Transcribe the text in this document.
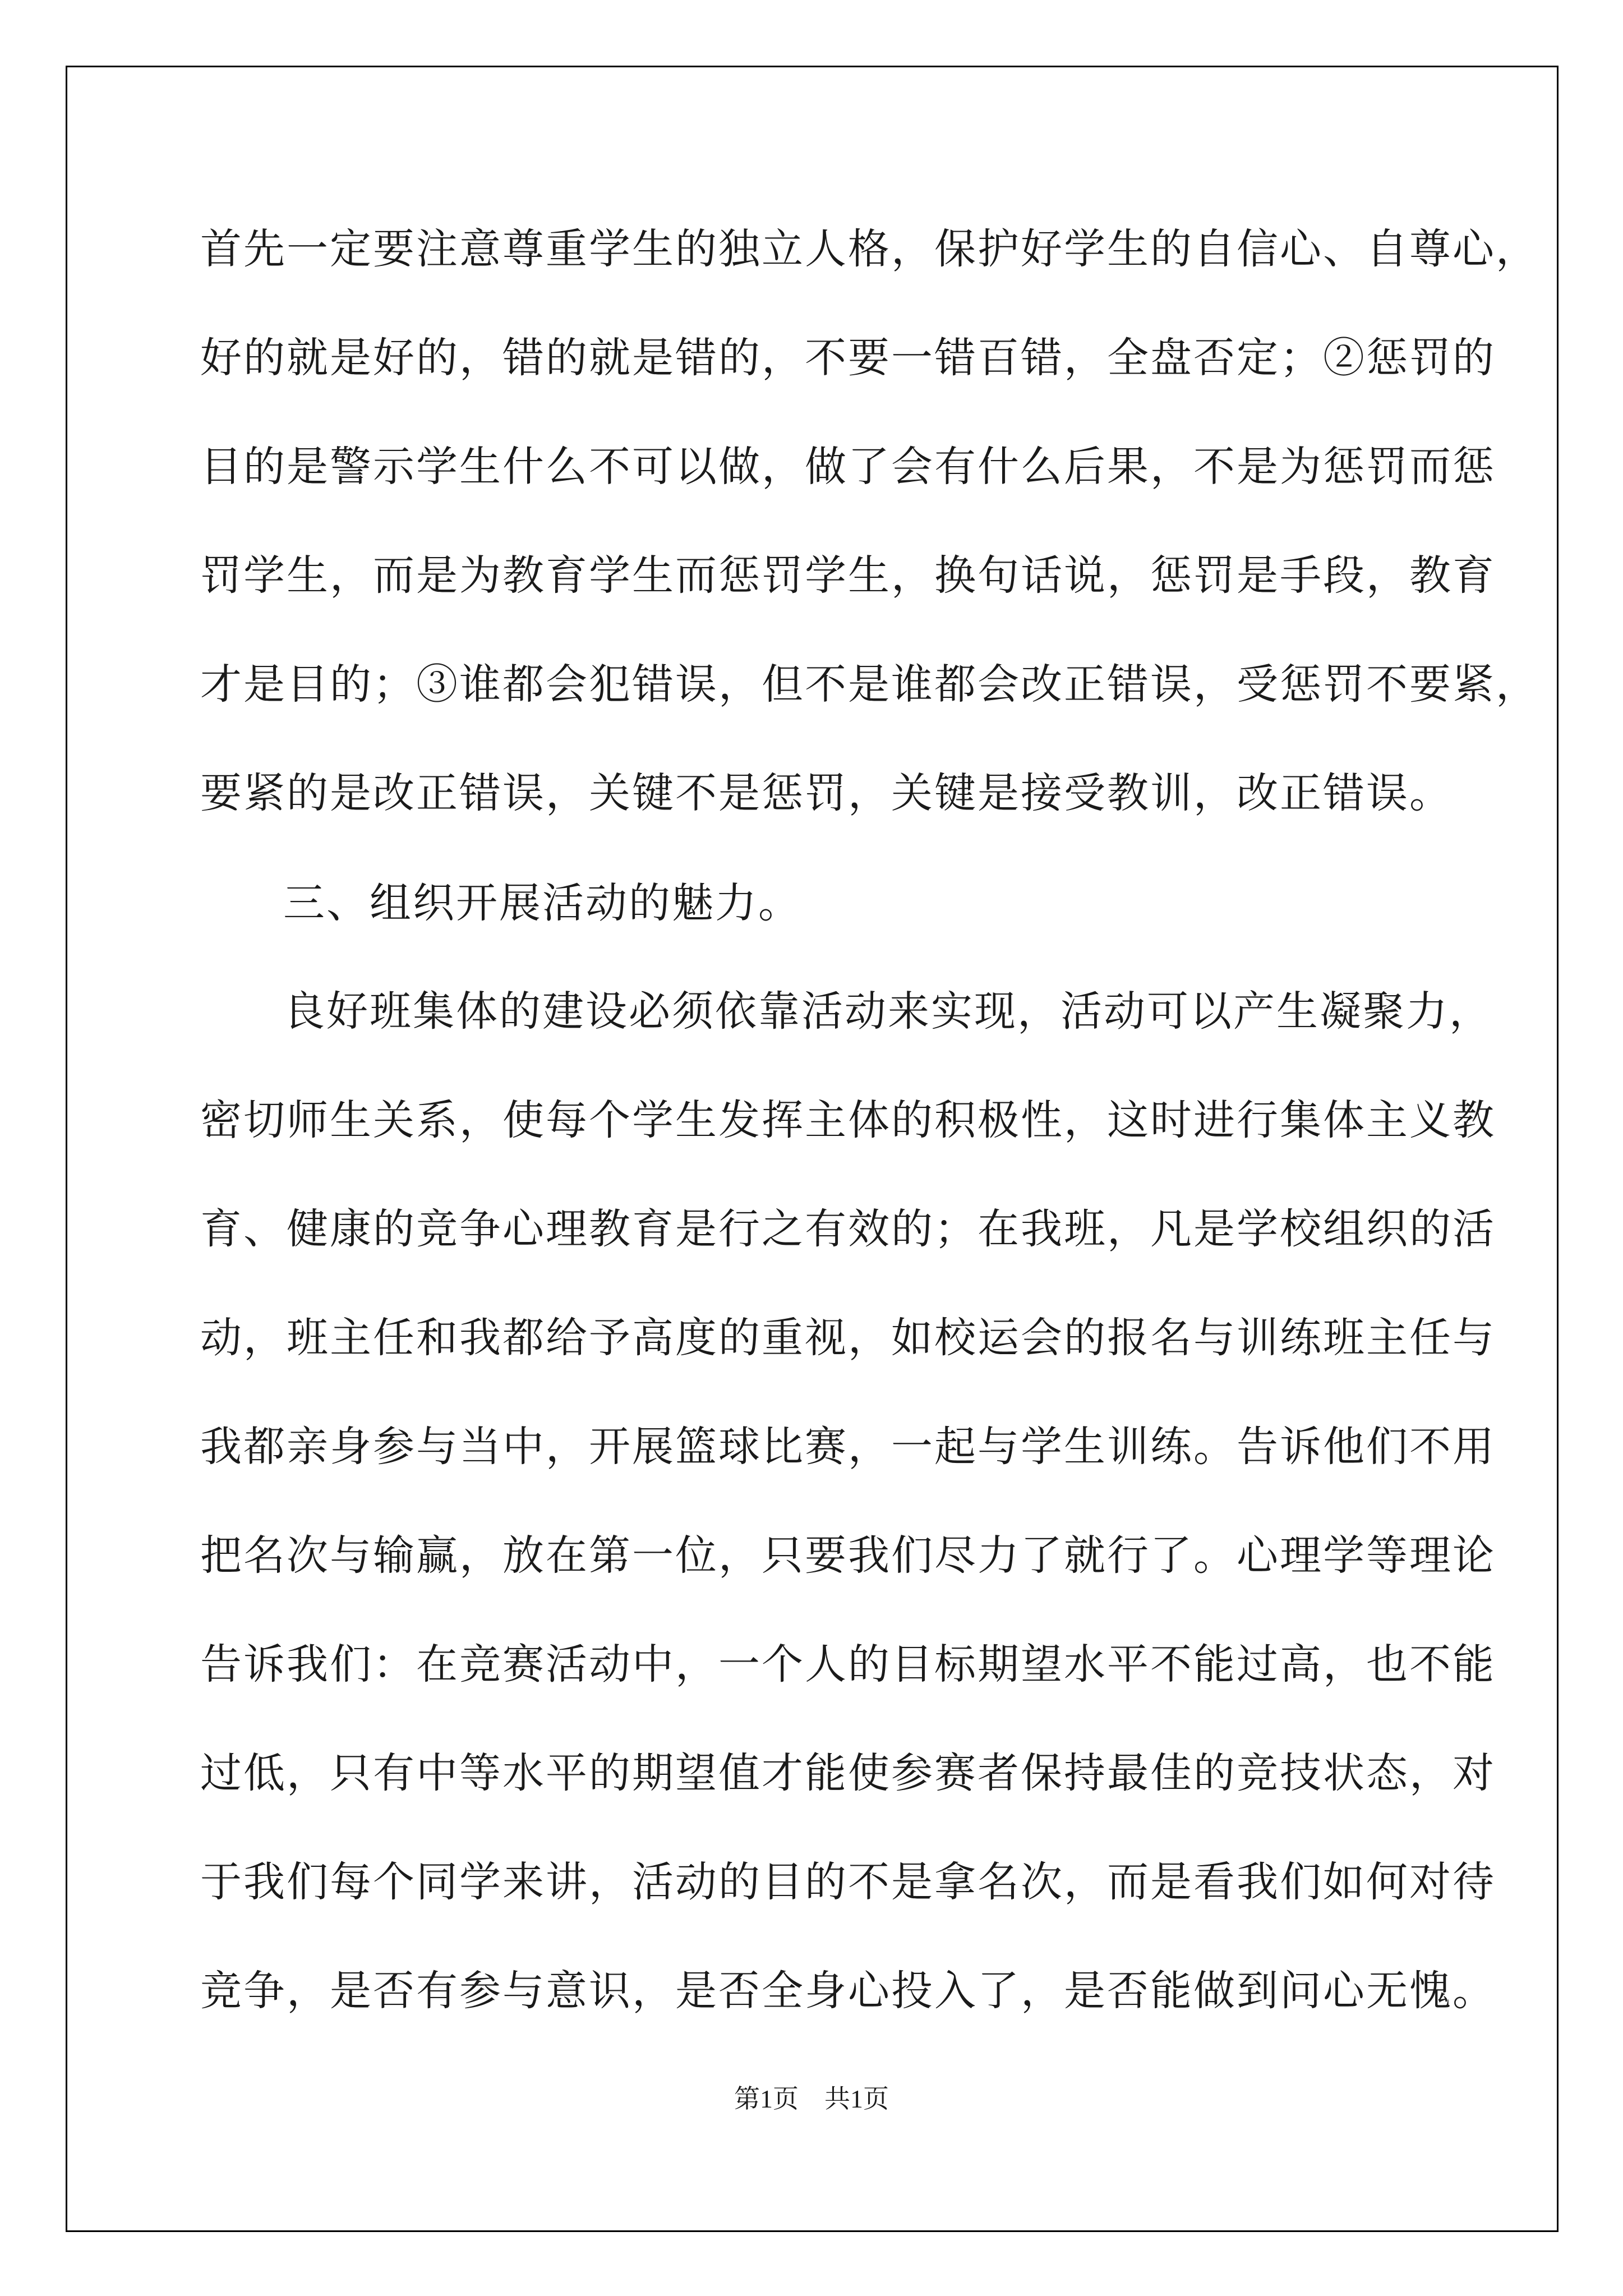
首先一定要注意尊重学生的独立人格，保护好学生的自信心、自尊心，
好的就是好的，错的就是错的，不要一错百错，全盘否定；②惩罚的
目的是警示学生什么不可以做，做了会有什么后果，不是为惩罚而惩
罚学生，而是为教育学生而惩罚学生，换句话说，惩罚是手段，教育
才是目的；③谁都会犯错误，但不是谁都会改正错误，受惩罚不要紧，
要紧的是改正错误，关键不是惩罚，关键是接受教训，改正错误。
三、组织开展活动的魅力。
良好班集体的建设必须依靠活动来实现，活动可以产生凝聚力，
密切师生关系，使每个学生发挥主体的积极性，这时进行集体主义教
育、健康的竞争心理教育是行之有效的；在我班，凡是学校组织的活
动，班主任和我都给予高度的重视，如校运会的报名与训练班主任与
我都亲身参与当中，开展篮球比赛，一起与学生训练。告诉他们不用
把名次与输赢，放在第一位，只要我们尽力了就行了。心理学等理论
告诉我们：在竞赛活动中，一个人的目标期望水平不能过高，也不能
过低，只有中等水平的期望值才能使参赛者保持最佳的竞技状态，对
于我们每个同学来讲，活动的目的不是拿名次，而是看我们如何对待
竞争，是否有参与意识，是否全身心投入了，是否能做到问心无愧。
第1页　共1页
